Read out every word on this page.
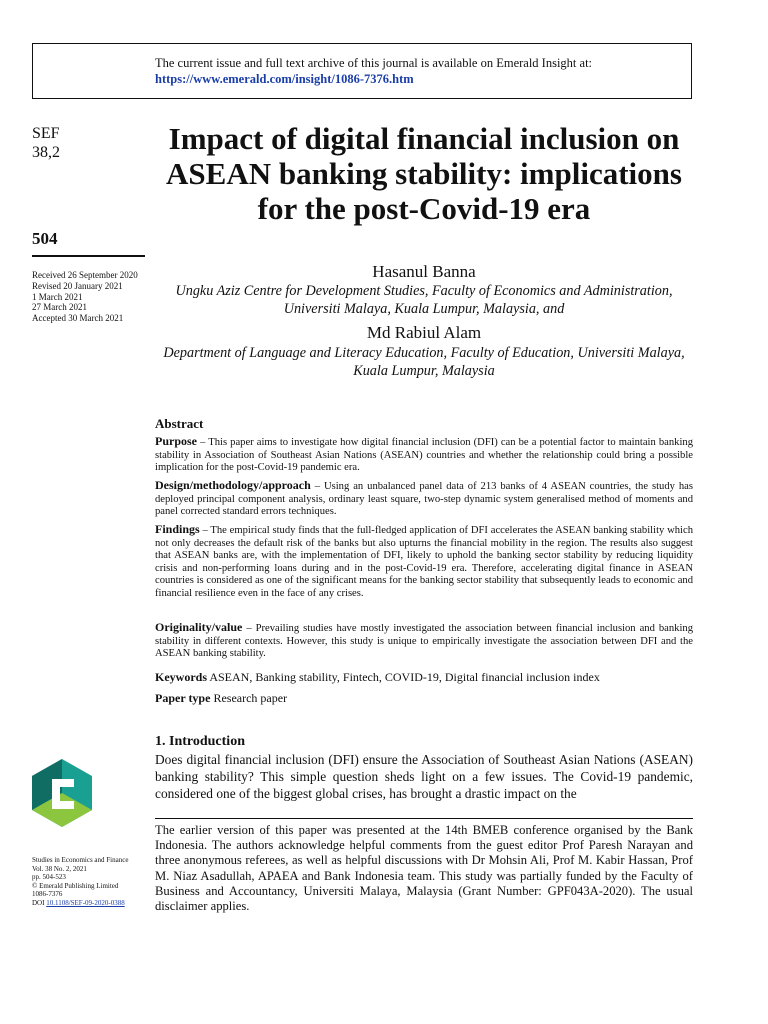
The current issue and full text archive of this journal is available on Emerald Insight at:
https://www.emerald.com/insight/1086-7376.htm
SEF
38,2
504
Received 26 September 2020
Revised 20 January 2021
1 March 2021
27 March 2021
Accepted 30 March 2021
Impact of digital financial inclusion on ASEAN banking stability: implications for the post-Covid-19 era
Hasanul Banna
Ungku Aziz Centre for Development Studies, Faculty of Economics and Administration, Universiti Malaya, Kuala Lumpur, Malaysia, and
Md Rabiul Alam
Department of Language and Literacy Education, Faculty of Education, Universiti Malaya, Kuala Lumpur, Malaysia
Abstract

Purpose – This paper aims to investigate how digital financial inclusion (DFI) can be a potential factor to maintain banking stability in Association of Southeast Asian Nations (ASEAN) countries and whether the relationship could bring a possible implication for the post-Covid-19 pandemic era.

Design/methodology/approach – Using an unbalanced panel data of 213 banks of 4 ASEAN countries, the study has deployed principal component analysis, ordinary least square, two-step dynamic system generalised method of moments and panel corrected standard errors techniques.

Findings – The empirical study finds that the full-fledged application of DFI accelerates the ASEAN banking stability which not only decreases the default risk of the banks but also upturns the financial mobility in the region. The results also suggest that ASEAN banks are, with the implementation of DFI, likely to uphold the banking sector stability by reducing liquidity crisis and non-performing loans during and in the post-Covid-19 era. Therefore, accelerating digital finance in ASEAN countries is considered as one of the significant means for the banking sector stability that subsequently leads to economic and financial resilience even in the face of any crises.

Originality/value – Prevailing studies have mostly investigated the association between financial inclusion and banking stability in different contexts. However, this study is unique to empirically investigate the association between DFI and the ASEAN banking stability.

Keywords ASEAN, Banking stability, Fintech, COVID-19, Digital financial inclusion index
Paper type Research paper
1. Introduction

Does digital financial inclusion (DFI) ensure the Association of Southeast Asian Nations (ASEAN) banking stability? This simple question sheds light on a few issues. The Covid-19 pandemic, considered one of the biggest global crises, has brought a drastic impact on the

The earlier version of this paper was presented at the 14th BMEB conference organised by the Bank Indonesia. The authors acknowledge helpful comments from the guest editor Prof Paresh Narayan and three anonymous referees, as well as helpful discussions with Dr Mohsin Ali, Prof M. Kabir Hassan, Prof M. Niaz Asadullah, APAEA and Bank Indonesia team. This study was partially funded by the Faculty of Business and Accountancy, Universiti Malaya, Malaysia (Grant Number: GPF043A-2020). The usual disclaimer applies.

Studies in Economics and Finance
Vol. 38 No. 2, 2021
pp. 504-523
© Emerald Publishing Limited
1086-7376
DOI 10.1108/SEF-09-2020-0388
